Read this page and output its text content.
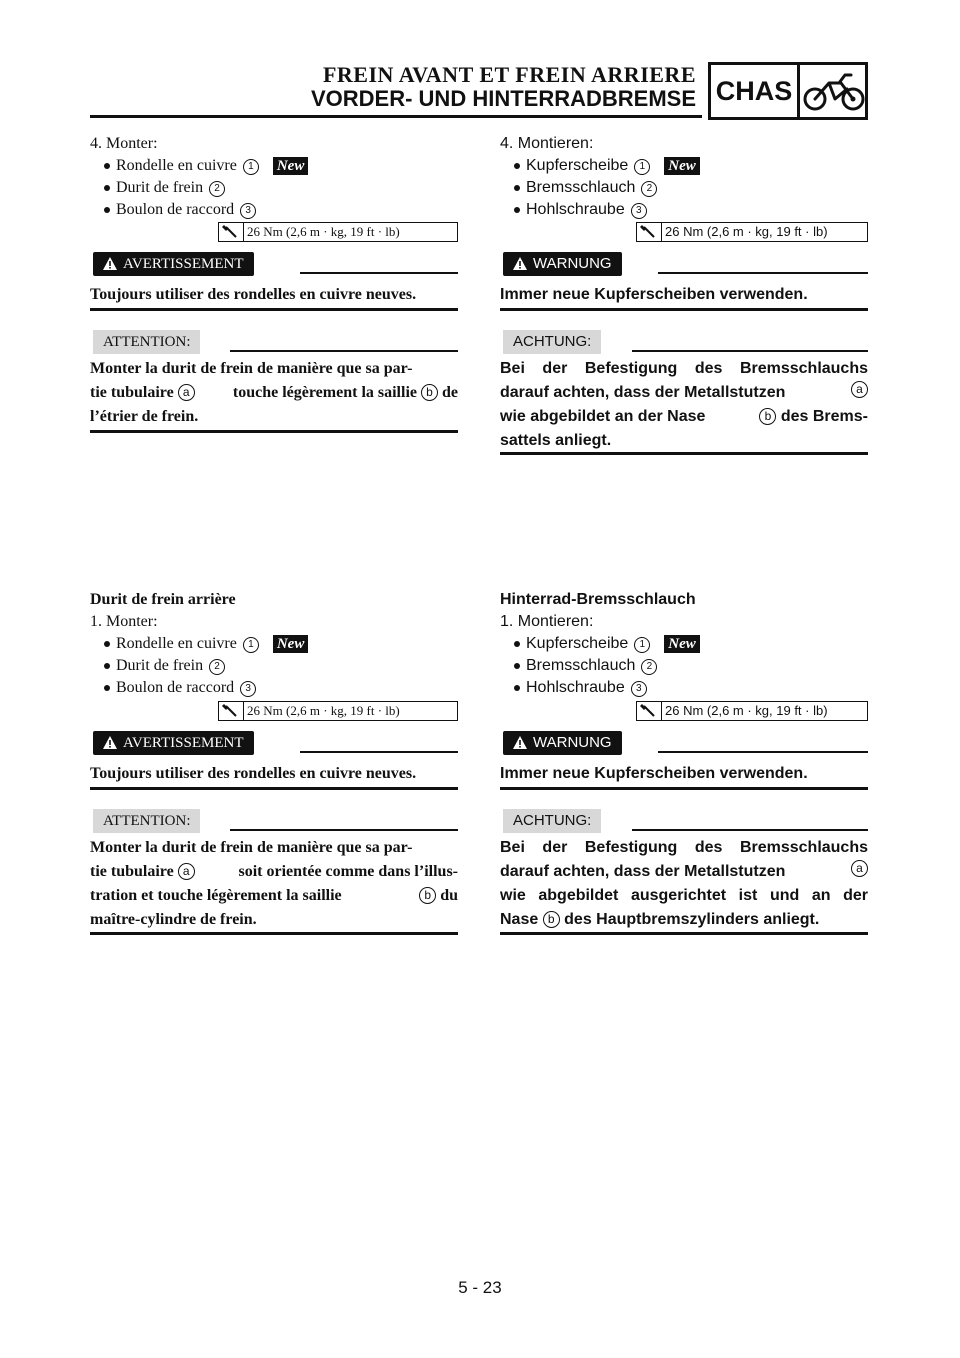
FREIN AVANT ET FREIN ARRIERE
VORDER- UND HINTERRADBREMSE CHAS
4. Monter:
Rondelle en cuivre 1 New
Durit de frein 2
Boulon de raccord 3
26 Nm (2,6 m · kg, 19 ft · lb)
AVERTISSEMENT
Toujours utiliser des rondelles en cuivre neuves.
ATTENTION:
Monter la durit de frein de manière que sa par-
tie tubulaire a	touche légèrement la saillie b de
l’étrier de frein.
4. Montieren:
Kupferscheibe 1 New
Bremsschlauch 2
Hohlschraube 3
26 Nm (2,6 m · kg, 19 ft · lb)
WARNUNG
Immer neue Kupferscheiben verwenden.
ACHTUNG:
Bei der Befestigung des Bremsschlauchs
darauf achten, dass der Metallstutzen	a
wie abgebildet an der Nase	b des Brems-
sattels anliegt.
Durit de frein arrière
1. Monter:
Rondelle en cuivre 1 New
Durit de frein 2
Boulon de raccord 3
26 Nm (2,6 m · kg, 19 ft · lb)
AVERTISSEMENT
Toujours utiliser des rondelles en cuivre neuves.
ATTENTION:
Monter la durit de frein de manière que sa par-
tie tubulaire a	soit orientée comme dans l’illus-
tration et touche légèrement la saillie	b du
maître-cylindre de frein.
Hinterrad-Bremsschlauch
1. Montieren:
Kupferscheibe 1 New
Bremsschlauch 2
Hohlschraube 3
26 Nm (2,6 m · kg, 19 ft · lb)
WARNUNG
Immer neue Kupferscheiben verwenden.
ACHTUNG:
Bei der Befestigung des Bremsschlauchs
darauf achten, dass der Metallstutzen	a
wie abgebildet ausgerichtet ist und an der
Nase b des Hauptbremszylinders anliegt.
5 - 23
